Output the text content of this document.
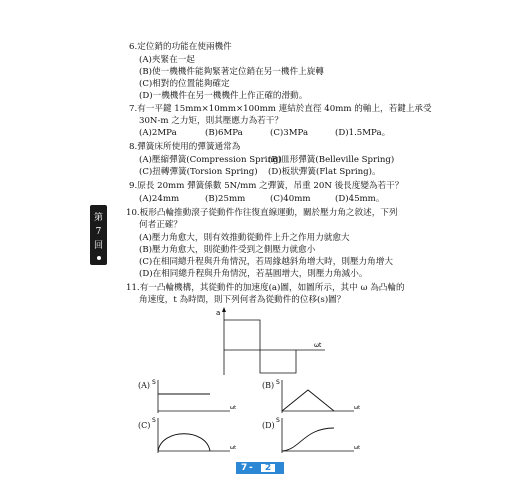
第
7
回
6.定位銷的功能在使兩機件
(A)夾緊在一起
(B)使一機機件能夠緊著定位銷在另一機件上旋轉
(C)相對的位置能夠確定
(D)一機機件在另一機機件上作正確的滑動。
7.有一平鍵 15mm×10mm×100mm 連結於直徑 40mm 的軸上，若鍵上承受
30N-m 之力矩，則其壓應力為若干？
(A)2MPa	(B)6MPa	(C)3MPa	(D)1.5MPa。
8.彈簧床所使用的彈簧通常為
(A)壓縮彈簧(Compression Spring)
(B)皿形彈簧(Belleville Spring)
(C)扭轉彈簧(Torsion Spring) (D)板狀彈簧(Flat Spring)。
9.原長 20mm 彈簧係數 5N/mm 之彈簧，吊重 20N 後長度變為若干？
(A)24mm	(B)25mm	(C)40mm	(D)45mm。
10.板形凸輪推動滾子從動件作往復直線運動，關於壓力角之敘述，下列
何者正確？
(A)壓力角愈大，則有效推動從動件上升之作用力就愈大
(B)壓力角愈大，則從動件受到之側壓力就愈小
(C)在相同總升程與升角情況，若周緣越斜角增大時，則壓力角增大
(D)在相同總升程與升角情況，若基圓增大，則壓力角減小。
11.有一凸輪機構，其從動件的加速度(a)圖，如圖所示，其中 ω 為凸輪的
角速度，t 為時間，則下列何者為從動件的位移(s)圖？
a
ωt
(A) S
ωt
(B) S
ωt
(C)
S
ωt
(D)
S
ωt
7 -	2
